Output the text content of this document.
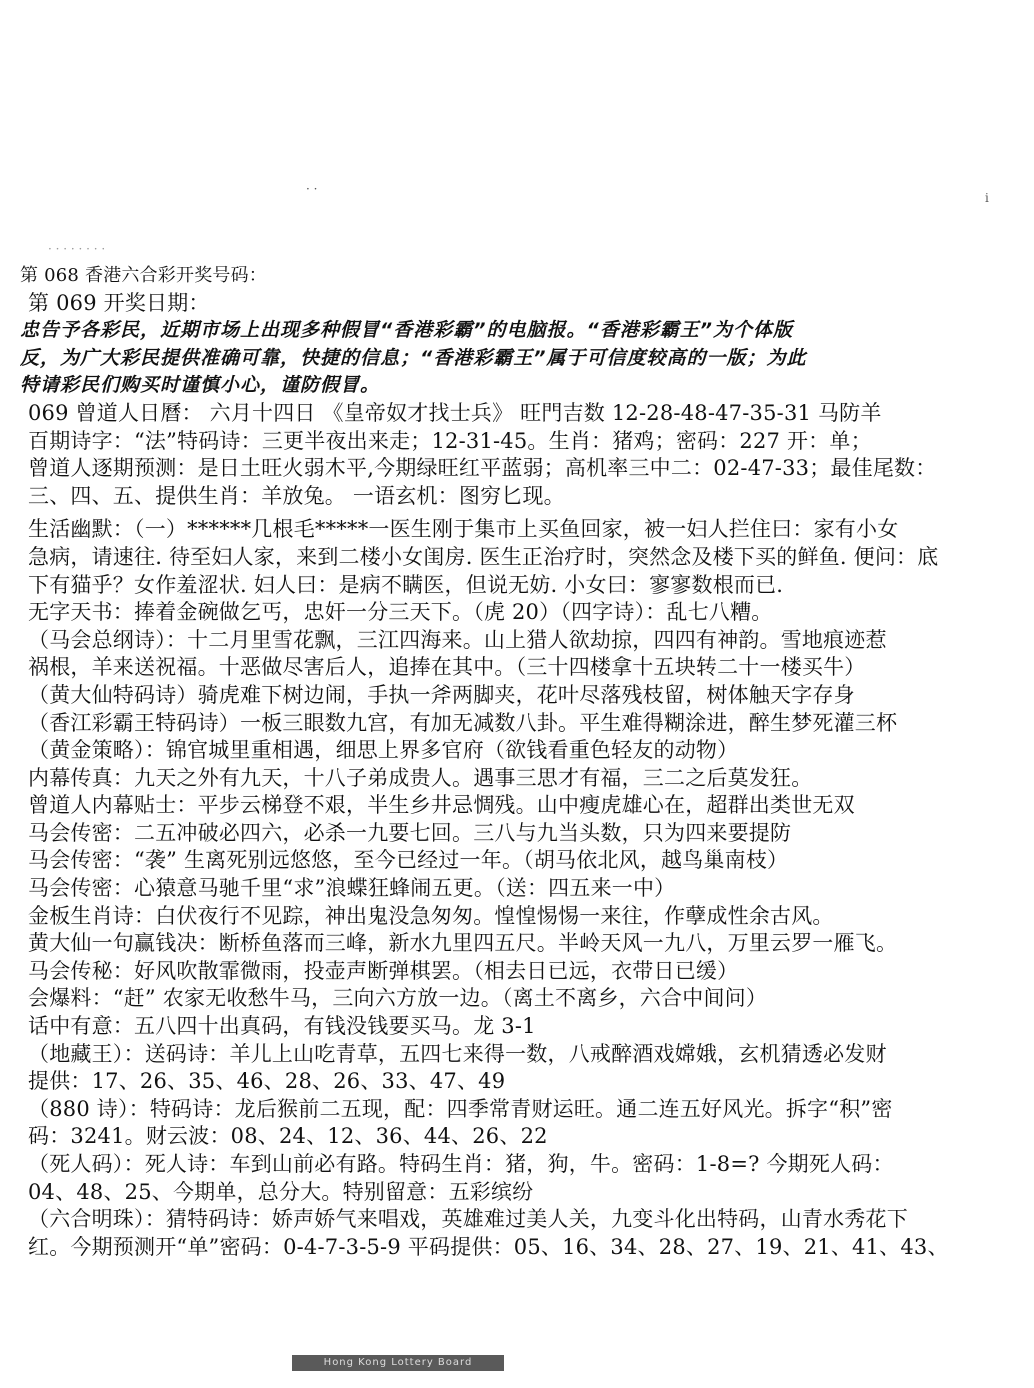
· ·
i
· · · · · · · ·
第 068 香港六合彩开奖号码：
第 069 开奖日期：
忠告予各彩民，近期市场上出现多种假冒“香港彩霸”的电脑报。“香港彩霸王”为个体版
反，为广大彩民提供准确可靠，快捷的信息；“香港彩霸王”属于可信度较高的一版；为此
特请彩民们购买时谨慎小心，谨防假冒。
069 曾道人日曆： 六月十四日 《皇帝奴才找士兵》 旺門吉数 12-28-48-47-35-31 马防羊
百期诗字：“法”特码诗：三更半夜出来走；12-31-45。生肖：猪鸡；密码：227 开：单；
曾道人逐期预测：是日土旺火弱木平,今期绿旺红平蓝弱；高机率三中二：02-47-33；最佳尾数：
三、四、五、提供生肖：羊放兔。 一语玄机：图穷匕现。
生活幽默：（一）******几根毛*****一医生刚于集市上买鱼回家，被一妇人拦住曰：家有小女
急病，请速往. 待至妇人家，来到二楼小女闺房. 医生正治疗时，突然念及楼下买的鲜鱼. 便问：底
下有猫乎？女作羞涩状. 妇人曰：是病不瞒医，但说无妨. 小女曰：寥寥数根而已.
无字天书：捧着金碗做乞丐，忠奸一分三天下。（虎 20）（四字诗）：乱七八糟。
（马会总纲诗）：十二月里雪花飘，三江四海来。山上猎人欲劫掠，四四有神韵。雪地痕迹惹
祸根，羊来送祝福。十恶做尽害后人，追捧在其中。（三十四楼拿十五块转二十一楼买牛）
（黄大仙特码诗）骑虎难下树边闹，手执一斧两脚夹，花叶尽落残枝留，树体触天字存身
（香江彩霸王特码诗）一板三眼数九宫，有加无减数八卦。平生难得糊涂进，醉生梦死灌三杯
（黄金策略）：锦官城里重相遇，细思上界多官府（欲钱看重色轻友的动物）
内幕传真：九天之外有九天，十八子弟成贵人。遇事三思才有福，三二之后莫发狂。
曾道人内幕贴士：平步云梯登不艰，半生乡井忌惆残。山中瘦虎雄心在，超群出类世无双
马会传密：二五冲破必四六，必杀一九要七回。三八与九当头数，只为四来要提防
马会传密：“袭” 生离死别远悠悠，至今已经过一年。（胡马依北风，越鸟巢南枝）
马会传密：心猿意马驰千里“求”浪蝶狂蜂闹五更。（送：四五来一中）
金板生肖诗：白伏夜行不见踪，神出鬼没急匆匆。惶惶惕惕一来往，作孽成性余古风。
黄大仙一句赢钱决：断桥鱼落而三峰，新水九里四五尺。半岭天风一九八，万里云罗一雁飞。
马会传秘：好风吹散霏微雨，投壶声断弹棋罢。（相去日已远，衣带日已缓）
会爆料：“赶” 农家无收愁牛马，三向六方放一边。（离土不离乡，六合中间问）
话中有意：五八四十出真码，有钱没钱要买马。龙 3-1
（地藏王）：送码诗：羊儿上山吃青草，五四七来得一数，八戒醉酒戏嫦娥，玄机猜透必发财
提供：17、26、35、46、28、26、33、47、49
（880 诗）：特码诗：龙后猴前二五现，配：四季常青财运旺。通二连五好风光。拆字“积”密
码：3241。财云波：08、24、12、36、44、26、22
（死人码）：死人诗：车到山前必有路。特码生肖：猪，狗，牛。密码：1-8=? 今期死人码：
04、48、25、今期单，总分大。特别留意：五彩缤纷
（六合明珠）：猜特码诗：娇声娇气来唱戏，英雄难过美人关，九变斗化出特码，山青水秀花下
红。今期预测开“单”密码：0-4-7-3-5-9 平码提供：05、16、34、28、27、19、21、41、43、
Hong Kong Lottery Board
